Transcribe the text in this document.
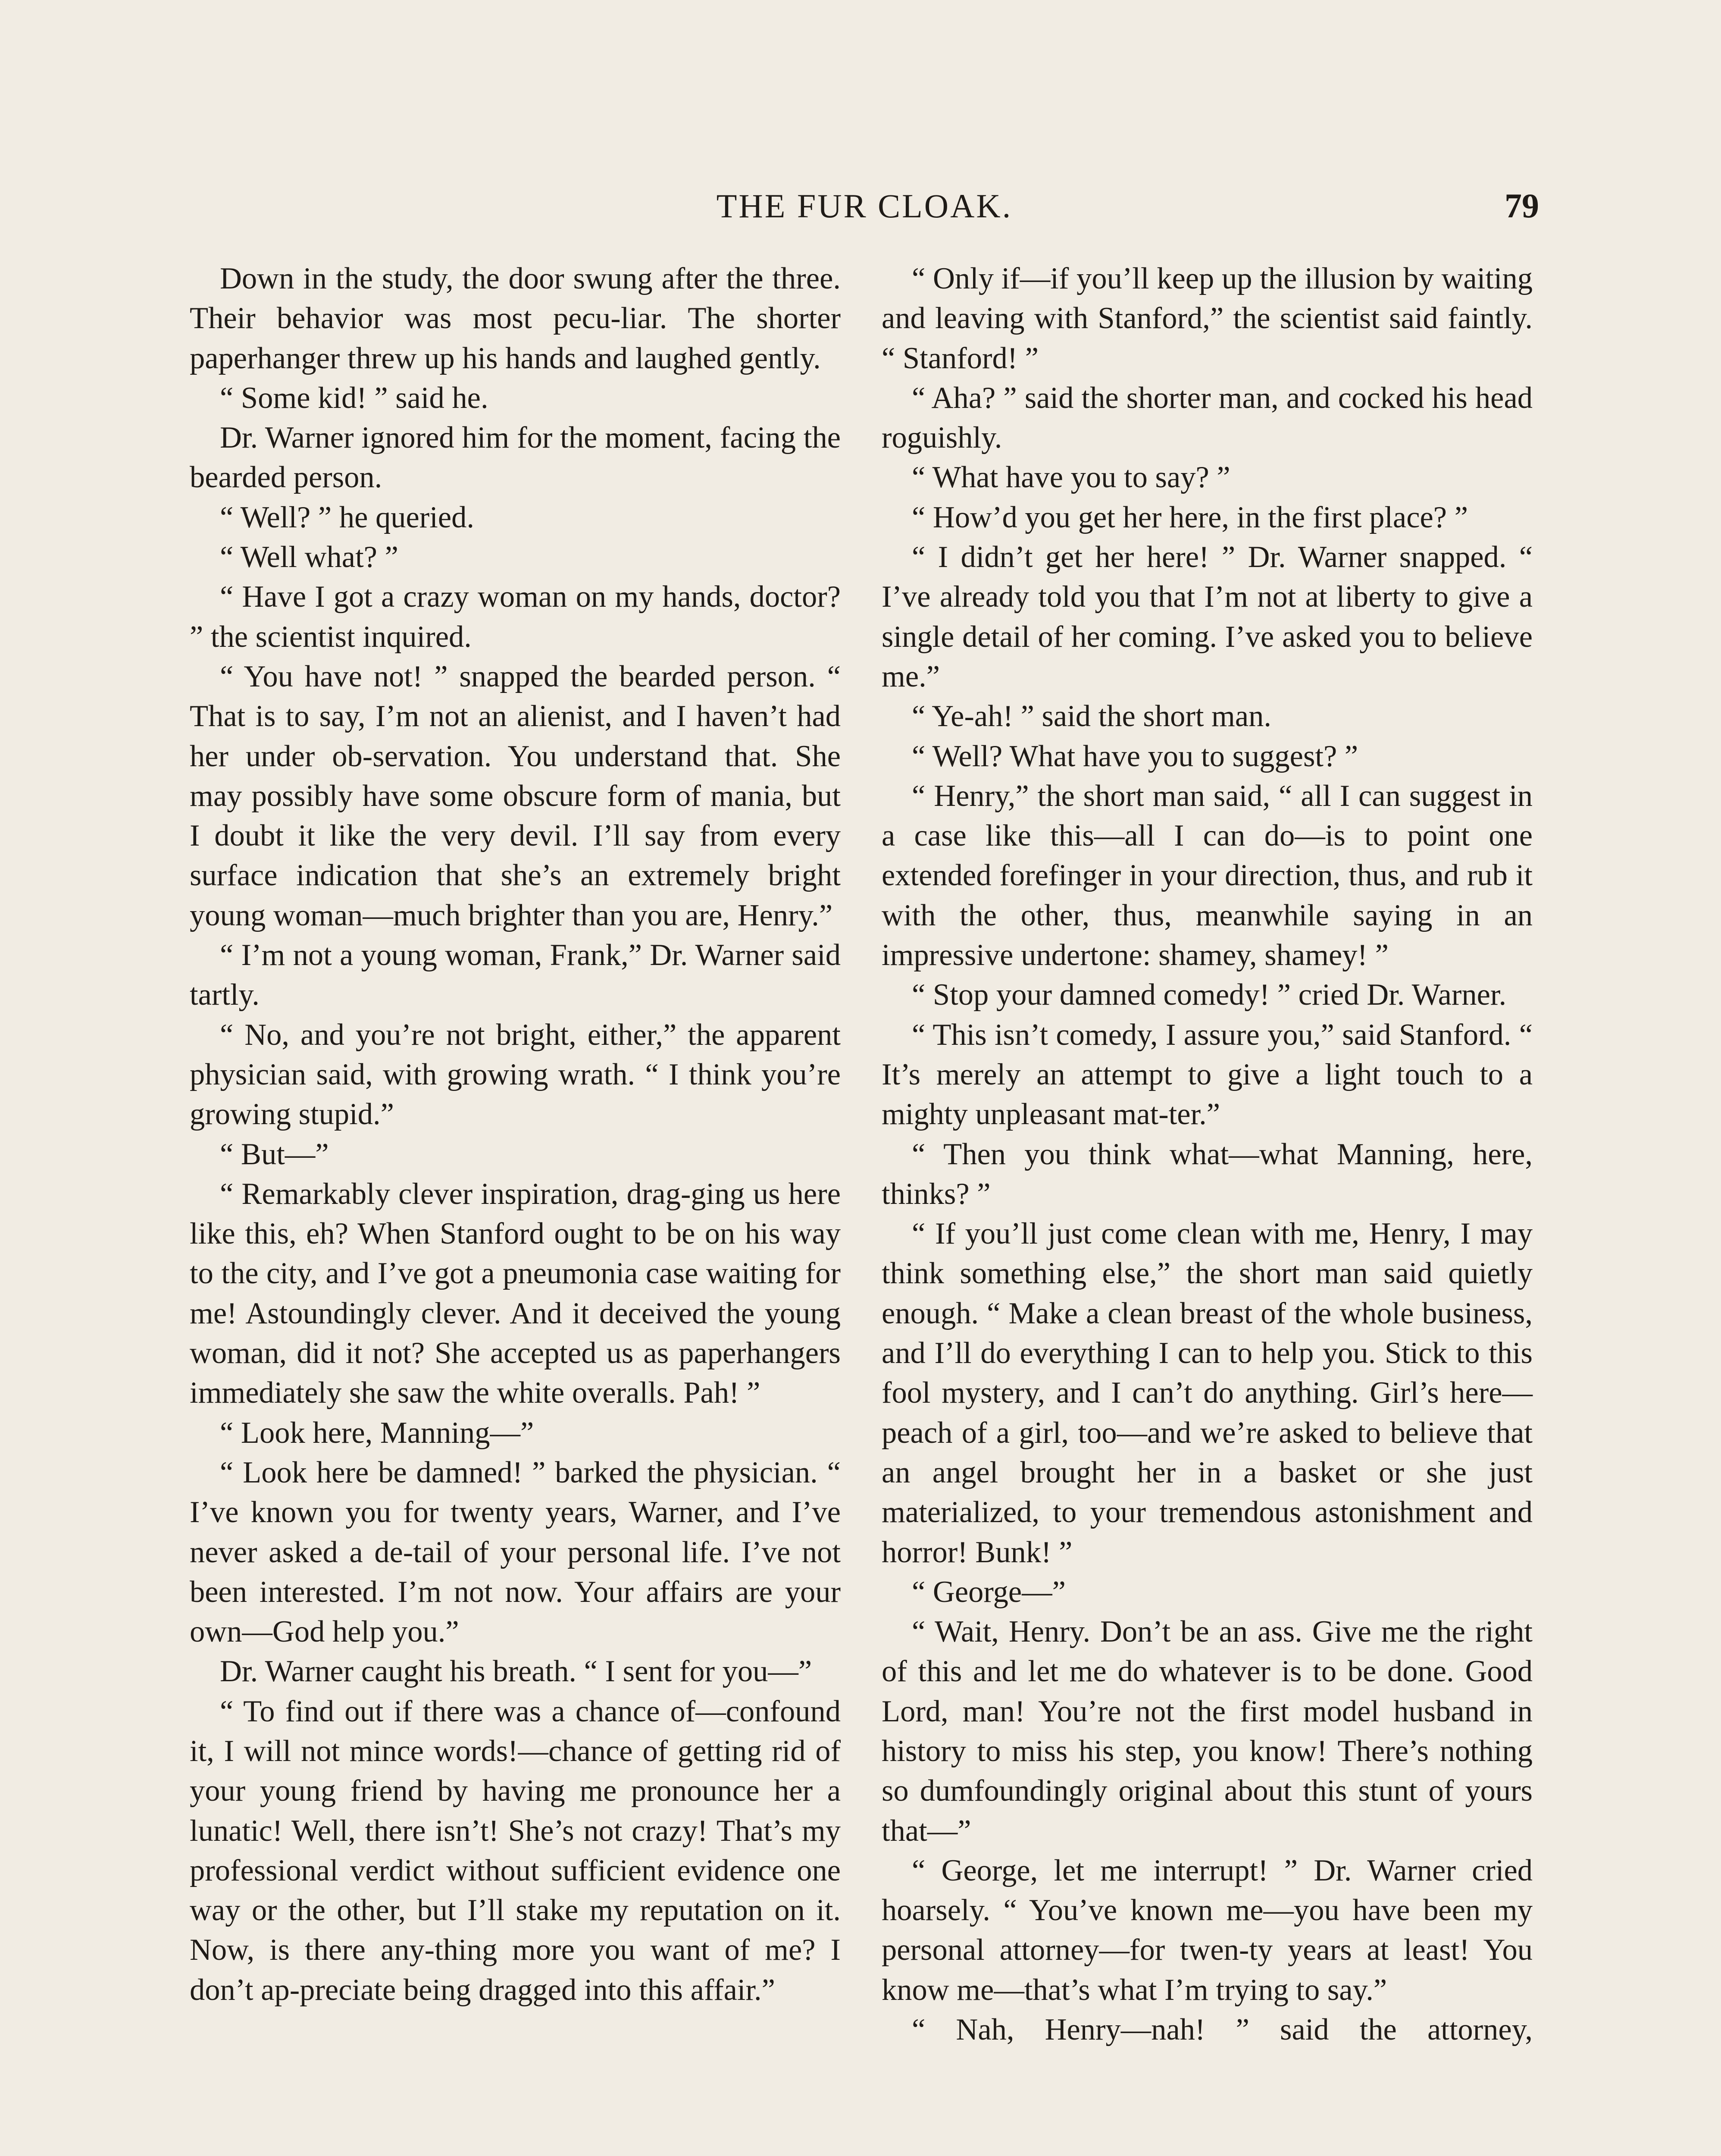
THE FUR CLOAK.	79

Down in the study, the door swung after the three. Their behavior was most pecu-liar. The shorter paperhanger threw up his hands and laughed gently.

“ Some kid! ” said he.

Dr. Warner ignored him for the moment, facing the bearded person.

“ Well? ” he queried.

“ Well what? ”

“ Have I got a crazy woman on my hands, doctor? ” the scientist inquired.

“ You have not! ” snapped the bearded person. “ That is to say, I’m not an alienist, and I haven’t had her under ob-servation. You understand that. She may possibly have some obscure form of mania, but I doubt it like the very devil. I’ll say from every surface indication that she’s an extremely bright young woman—much brighter than you are, Henry.”

“ I’m not a young woman, Frank,” Dr. Warner said tartly.

“ No, and you’re not bright, either,” the apparent physician said, with growing wrath. “ I think you’re growing stupid.”

“ But—”

“ Remarkably clever inspiration, drag-ging us here like this, eh? When Stanford ought to be on his way to the city, and I’ve got a pneumonia case waiting for me! Astoundingly clever. And it deceived the young woman, did it not? She accepted us as paperhangers immediately she saw the white overalls. Pah! ”

“ Look here, Manning—”

“ Look here be damned! ” barked the physician. “ I’ve known you for twenty years, Warner, and I’ve never asked a de-tail of your personal life. I’ve not been interested. I’m not now. Your affairs are your own—God help you.”

Dr. Warner caught his breath. “ I sent for you—”

“ To find out if there was a chance of—confound it, I will not mince words!—chance of getting rid of your young friend by having me pronounce her a lunatic! Well, there isn’t! She’s not crazy! That’s my professional verdict without sufficient evidence one way or the other, but I’ll stake my reputation on it. Now, is there any-thing more you want of me? I don’t ap-preciate being dragged into this affair.”

“ Only if—if you’ll keep up the illusion by waiting and leaving with Stanford,” the scientist said faintly. “ Stanford! ”

“ Aha? ” said the shorter man, and cocked his head roguishly.

“ What have you to say? ”

“ How’d you get her here, in the first place? ”

“ I didn’t get her here! ” Dr. Warner snapped. “ I’ve already told you that I’m not at liberty to give a single detail of her coming. I’ve asked you to believe me.”

“ Ye-ah! ” said the short man.

“ Well? What have you to suggest? ”

“ Henry,” the short man said, “ all I can suggest in a case like this—all I can do—is to point one extended forefinger in your direction, thus, and rub it with the other, thus, meanwhile saying in an impressive undertone: shamey, shamey! ”

“ Stop your damned comedy! ” cried Dr. Warner.

“ This isn’t comedy, I assure you,” said Stanford. “ It’s merely an attempt to give a light touch to a mighty unpleasant mat-ter.”

“ Then you think what—what Manning, here, thinks? ”

“ If you’ll just come clean with me, Henry, I may think something else,” the short man said quietly enough. “ Make a clean breast of the whole business, and I’ll do everything I can to help you. Stick to this fool mystery, and I can’t do anything. Girl’s here—peach of a girl, too—and we’re asked to believe that an angel brought her in a basket or she just materialized, to your tremendous astonishment and horror! Bunk! ”

“ George—”

“ Wait, Henry. Don’t be an ass. Give me the right of this and let me do whatever is to be done. Good Lord, man! You’re not the first model husband in history to miss his step, you know! There’s nothing so dumfoundingly original about this stunt of yours that—”

“ George, let me interrupt! ” Dr. Warner cried hoarsely. “ You’ve known me—you have been my personal attorney—for twen-ty years at least! You know me—that’s what I’m trying to say.”

“ Nah, Henry—nah! ” said the attorney,
